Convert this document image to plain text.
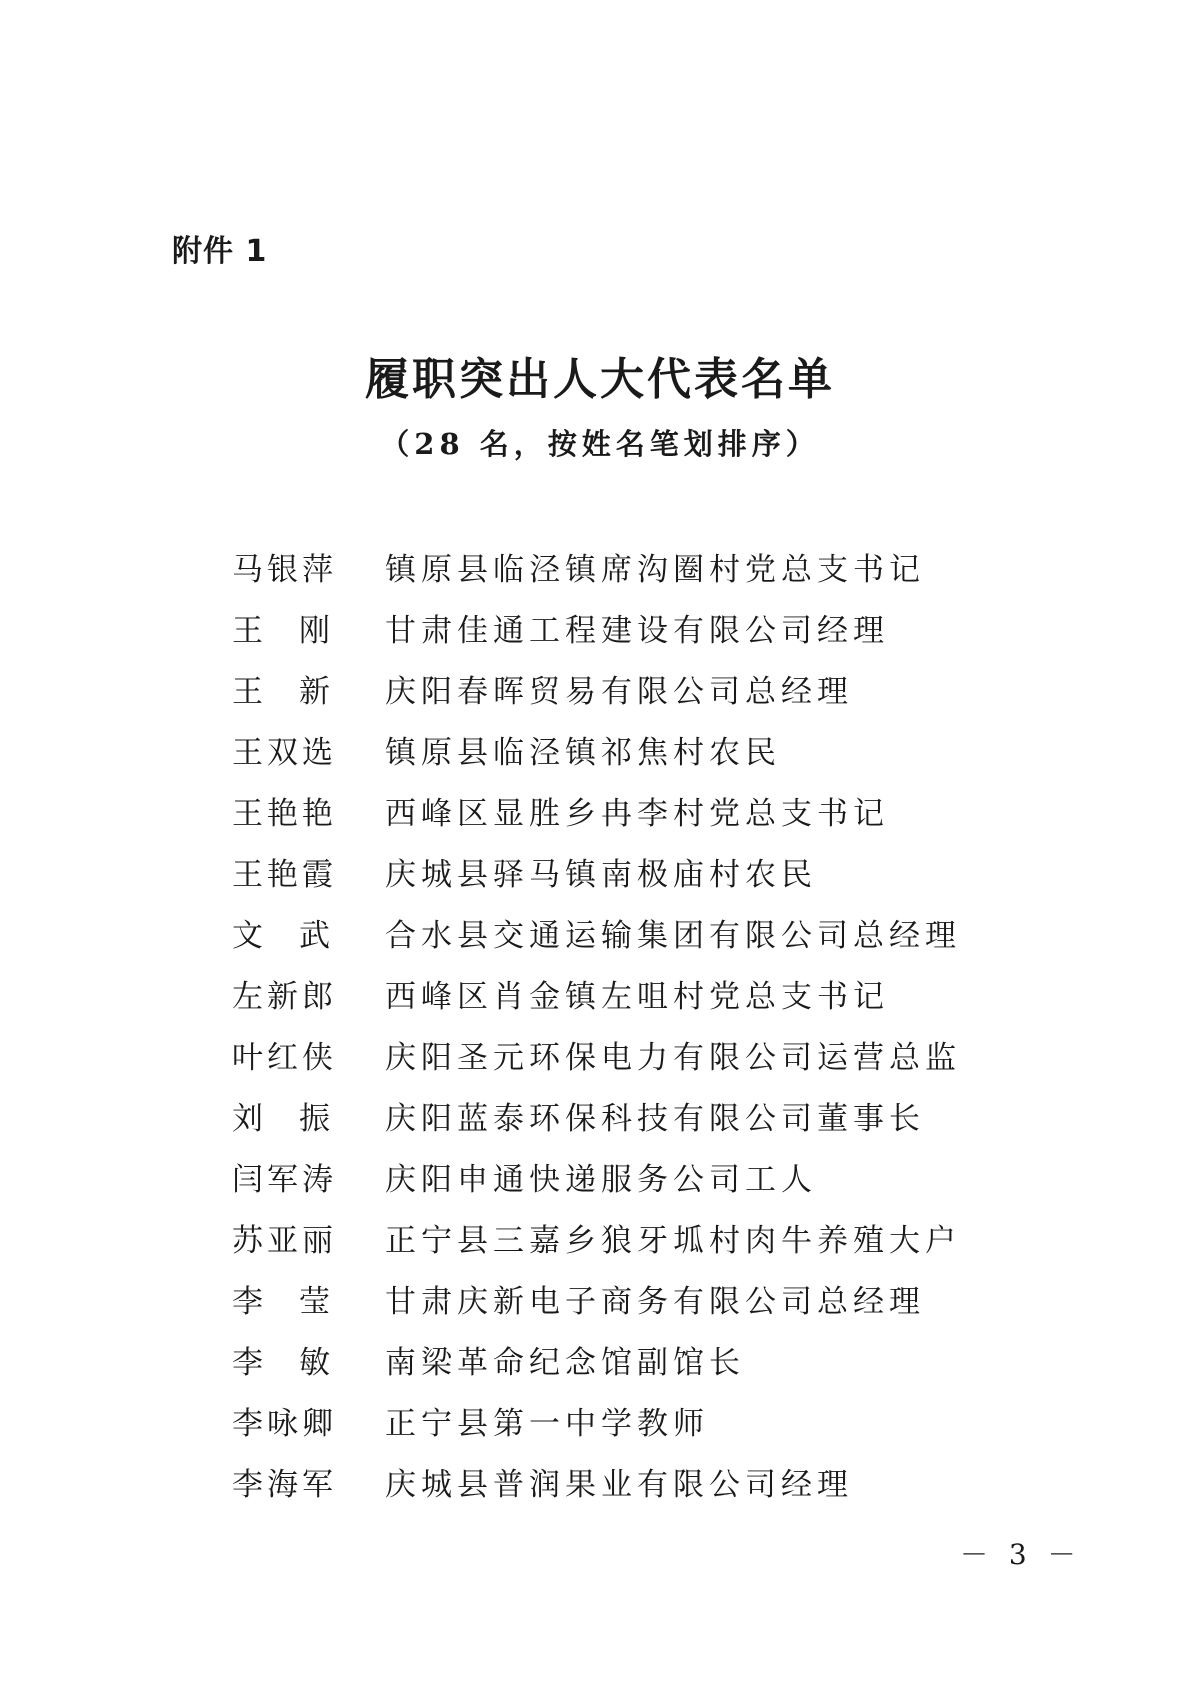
附件 1
履职突出人大代表名单
（28 名，按姓名笔划排序）
马银萍	镇原县临泾镇席沟圈村党总支书记
王 刚 甘肃佳通工程建设有限公司经理
王 新 庆阳春晖贸易有限公司总经理
王双选	镇原县临泾镇祁焦村农民
王艳艳	西峰区显胜乡冉李村党总支书记
王艳霞	庆城县驿马镇南极庙村农民
文 武 合水县交通运输集团有限公司总经理
左新郎	西峰区肖金镇左咀村党总支书记
叶红侠	庆阳圣元环保电力有限公司运营总监
刘 振 庆阳蓝泰环保科技有限公司董事长
闫军涛	庆阳申通快递服务公司工人
苏亚丽	正宁县三嘉乡狼牙坬村肉牛养殖大户
李 莹 甘肃庆新电子商务有限公司总经理
李 敏 南梁革命纪念馆副馆长
李咏卿	正宁县第一中学教师
李海军	庆城县普润果业有限公司经理
－ 3 －
